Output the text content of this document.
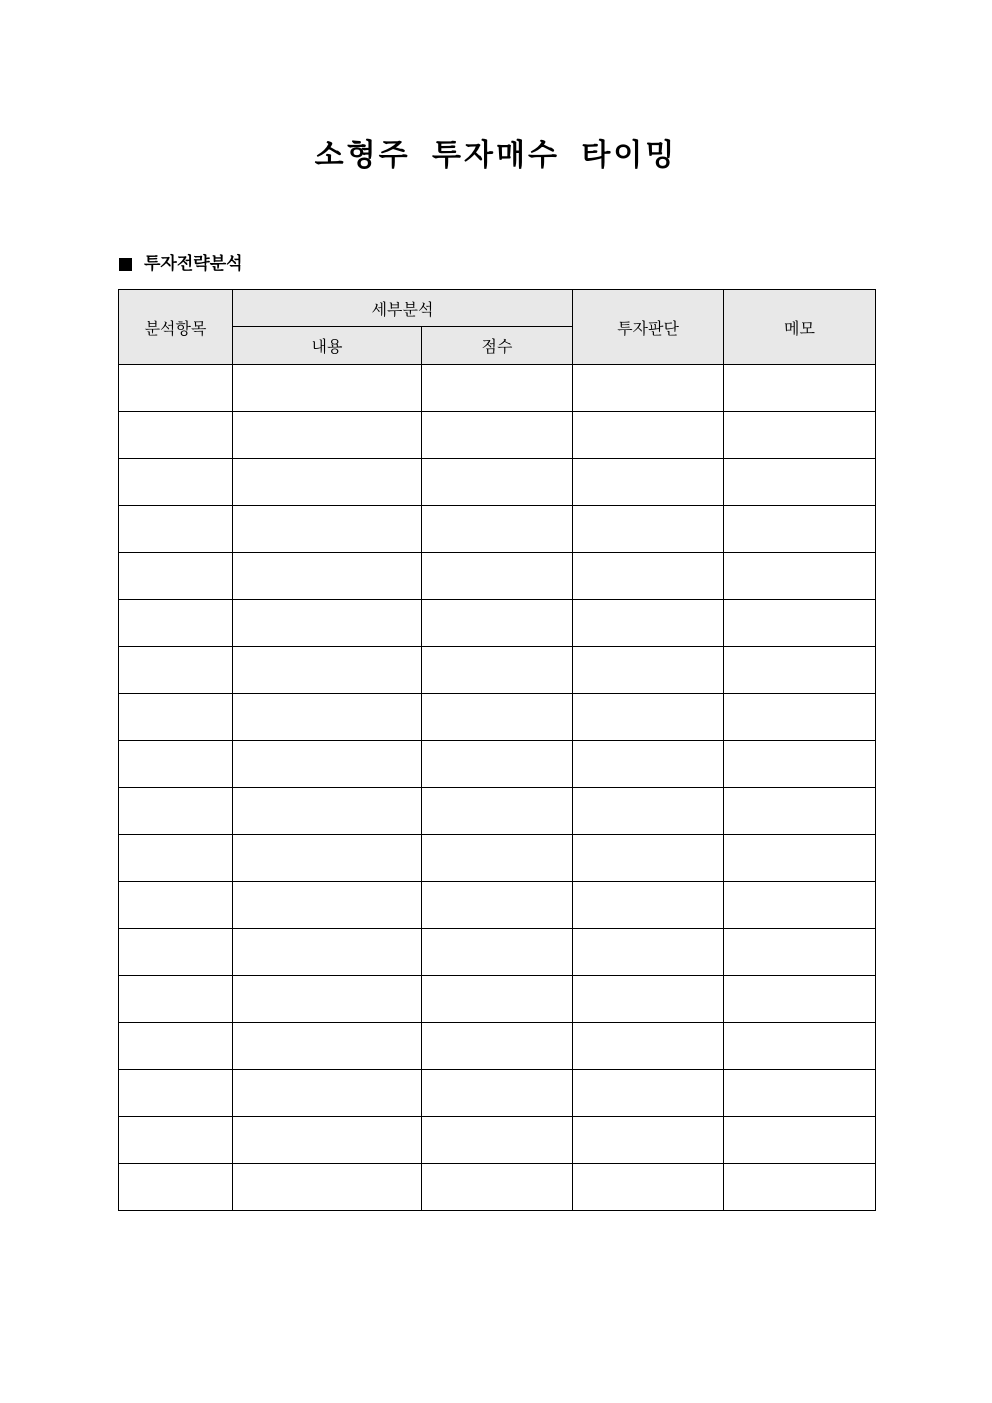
소형주 투자매수 타이밍
투자전략분석
분석항목	세부분석		투자판단	메모
	내용	점수		
